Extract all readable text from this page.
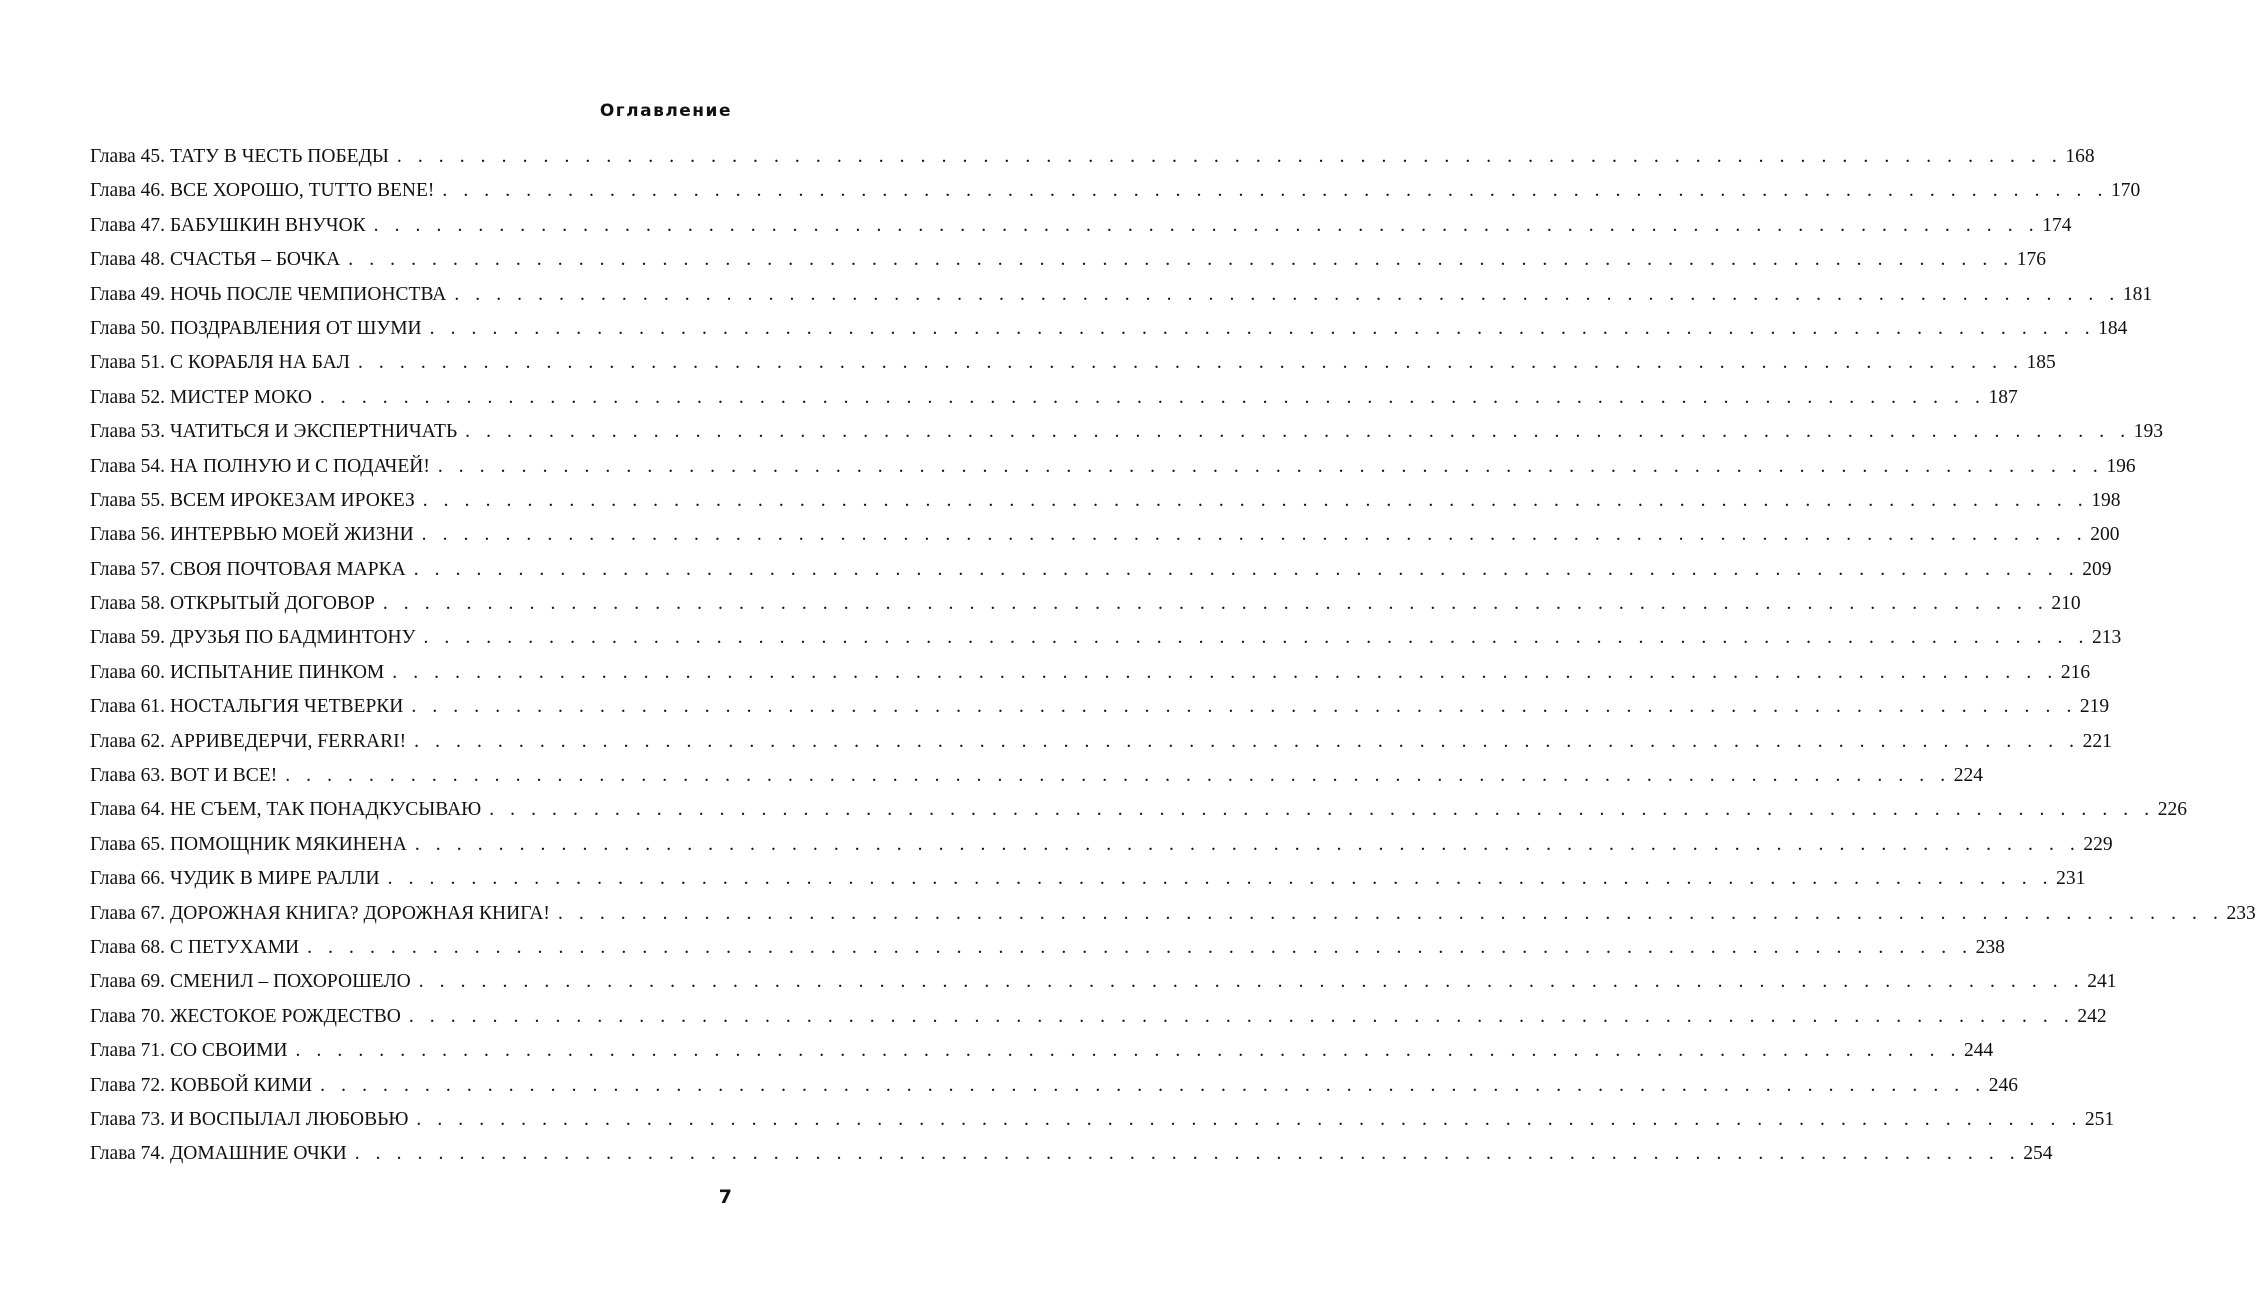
Оглавление
Глава 45.
ТАТУ В ЧЕСТЬ ПОБЕДЫ . . . . . . . . . . . . . . . . . . . . . . . . . . . . . . . . . . . . . . . . . . . . . . . . . . . . . . . . . . . . . . . . . . . . . . . . . . . . . . . . 168
Глава 46.
ВСЕ ХОРОШО, TUTTO BENE! . . . . . . . . . . . . . . . . . . . . . . . . . . . . . . . . . . . . . . . . . . . . . . . . . . . . . . . . . . . . . . . . . . . . . . . . . . . . . . . . 170
Глава 47.
БАБУШКИН ВНУЧОК . . . . . . . . . . . . . . . . . . . . . . . . . . . . . . . . . . . . . . . . . . . . . . . . . . . . . . . . . . . . . . . . . . . . . . . . . . . . . . . . 174
Глава 48.
СЧАСТЬЯ – БОЧКА . . . . . . . . . . . . . . . . . . . . . . . . . . . . . . . . . . . . . . . . . . . . . . . . . . . . . . . . . . . . . . . . . . . . . . . . . . . . . . . . 176
Глава 49.
НОЧЬ ПОСЛЕ ЧЕМПИОНСТВА . . . . . . . . . . . . . . . . . . . . . . . . . . . . . . . . . . . . . . . . . . . . . . . . . . . . . . . . . . . . . . . . . . . . . . . . . . . . . . . . 181
Глава 50.
ПОЗДРАВЛЕНИЯ ОТ ШУМИ . . . . . . . . . . . . . . . . . . . . . . . . . . . . . . . . . . . . . . . . . . . . . . . . . . . . . . . . . . . . . . . . . . . . . . . . . . . . . . . . 184
Глава 51.
С КОРАБЛЯ НА БАЛ . . . . . . . . . . . . . . . . . . . . . . . . . . . . . . . . . . . . . . . . . . . . . . . . . . . . . . . . . . . . . . . . . . . . . . . . . . . . . . . . 185
Глава 52.
МИСТЕР МОКО . . . . . . . . . . . . . . . . . . . . . . . . . . . . . . . . . . . . . . . . . . . . . . . . . . . . . . . . . . . . . . . . . . . . . . . . . . . . . . . . 187
Глава 53.
ЧАТИТЬСЯ И ЭКСПЕРТНИЧАТЬ . . . . . . . . . . . . . . . . . . . . . . . . . . . . . . . . . . . . . . . . . . . . . . . . . . . . . . . . . . . . . . . . . . . . . . . . . . . . . . . . 193
Глава 54.
НА ПОЛНУЮ И С ПОДАЧЕЙ! . . . . . . . . . . . . . . . . . . . . . . . . . . . . . . . . . . . . . . . . . . . . . . . . . . . . . . . . . . . . . . . . . . . . . . . . . . . . . . . . 196
Глава 55.
ВСЕМ ИРОКЕЗАМ ИРОКЕЗ . . . . . . . . . . . . . . . . . . . . . . . . . . . . . . . . . . . . . . . . . . . . . . . . . . . . . . . . . . . . . . . . . . . . . . . . . . . . . . . . 198
Глава 56.
ИНТЕРВЬЮ МОЕЙ ЖИЗНИ . . . . . . . . . . . . . . . . . . . . . . . . . . . . . . . . . . . . . . . . . . . . . . . . . . . . . . . . . . . . . . . . . . . . . . . . . . . . . . . . 200
Глава 57.
СВОЯ ПОЧТОВАЯ МАРКА . . . . . . . . . . . . . . . . . . . . . . . . . . . . . . . . . . . . . . . . . . . . . . . . . . . . . . . . . . . . . . . . . . . . . . . . . . . . . . . . 209
Глава 58.
ОТКРЫТЫЙ ДОГОВОР . . . . . . . . . . . . . . . . . . . . . . . . . . . . . . . . . . . . . . . . . . . . . . . . . . . . . . . . . . . . . . . . . . . . . . . . . . . . . . . . 210
Глава 59.
ДРУЗЬЯ ПО БАДМИНТОНУ . . . . . . . . . . . . . . . . . . . . . . . . . . . . . . . . . . . . . . . . . . . . . . . . . . . . . . . . . . . . . . . . . . . . . . . . . . . . . . . . 213
Глава 60.
ИСПЫТАНИЕ ПИНКОМ . . . . . . . . . . . . . . . . . . . . . . . . . . . . . . . . . . . . . . . . . . . . . . . . . . . . . . . . . . . . . . . . . . . . . . . . . . . . . . . . 216
Глава 61.
НОСТАЛЬГИЯ ЧЕТВЕРКИ . . . . . . . . . . . . . . . . . . . . . . . . . . . . . . . . . . . . . . . . . . . . . . . . . . . . . . . . . . . . . . . . . . . . . . . . . . . . . . . . 219
Глава 62.
АРРИВЕДЕРЧИ, FERRARI! . . . . . . . . . . . . . . . . . . . . . . . . . . . . . . . . . . . . . . . . . . . . . . . . . . . . . . . . . . . . . . . . . . . . . . . . . . . . . . . . 221
Глава 63.
ВОТ И ВСЕ! . . . . . . . . . . . . . . . . . . . . . . . . . . . . . . . . . . . . . . . . . . . . . . . . . . . . . . . . . . . . . . . . . . . . . . . . . . . . . . . . 224
Глава 64.
НЕ СЪЕМ, ТАК ПОНАДКУСЫВАЮ . . . . . . . . . . . . . . . . . . . . . . . . . . . . . . . . . . . . . . . . . . . . . . . . . . . . . . . . . . . . . . . . . . . . . . . . . . . . . . . . 226
Глава 65.
ПОМОЩНИК МЯКИНЕНА . . . . . . . . . . . . . . . . . . . . . . . . . . . . . . . . . . . . . . . . . . . . . . . . . . . . . . . . . . . . . . . . . . . . . . . . . . . . . . . . 229
Глава 66.
ЧУДИК В МИРЕ РАЛЛИ . . . . . . . . . . . . . . . . . . . . . . . . . . . . . . . . . . . . . . . . . . . . . . . . . . . . . . . . . . . . . . . . . . . . . . . . . . . . . . . . 231
Глава 67.
ДОРОЖНАЯ КНИГА? ДОРОЖНАЯ КНИГА! . . . . . . . . . . . . . . . . . . . . . . . . . . . . . . . . . . . . . . . . . . . . . . . . . . . . . . . . . . . . . . . . . . . . . . . . . . . . . . . . 233
Глава 68.
С ПЕТУХАМИ . . . . . . . . . . . . . . . . . . . . . . . . . . . . . . . . . . . . . . . . . . . . . . . . . . . . . . . . . . . . . . . . . . . . . . . . . . . . . . . . 238
Глава 69.
СМЕНИЛ – ПОХОРОШЕЛО . . . . . . . . . . . . . . . . . . . . . . . . . . . . . . . . . . . . . . . . . . . . . . . . . . . . . . . . . . . . . . . . . . . . . . . . . . . . . . . . 241
Глава 70.
ЖЕСТОКОЕ РОЖДЕСТВО . . . . . . . . . . . . . . . . . . . . . . . . . . . . . . . . . . . . . . . . . . . . . . . . . . . . . . . . . . . . . . . . . . . . . . . . . . . . . . . . 242
Глава 71.
СО СВОИМИ . . . . . . . . . . . . . . . . . . . . . . . . . . . . . . . . . . . . . . . . . . . . . . . . . . . . . . . . . . . . . . . . . . . . . . . . . . . . . . . . 244
Глава 72.
КОВБОЙ КИМИ . . . . . . . . . . . . . . . . . . . . . . . . . . . . . . . . . . . . . . . . . . . . . . . . . . . . . . . . . . . . . . . . . . . . . . . . . . . . . . . . 246
Глава 73.
И ВОСПЫЛАЛ ЛЮБОВЬЮ . . . . . . . . . . . . . . . . . . . . . . . . . . . . . . . . . . . . . . . . . . . . . . . . . . . . . . . . . . . . . . . . . . . . . . . . . . . . . . . . 251
Глава 74.
ДОМАШНИЕ ОЧКИ . . . . . . . . . . . . . . . . . . . . . . . . . . . . . . . . . . . . . . . . . . . . . . . . . . . . . . . . . . . . . . . . . . . . . . . . . . . . . . . . 254
7
